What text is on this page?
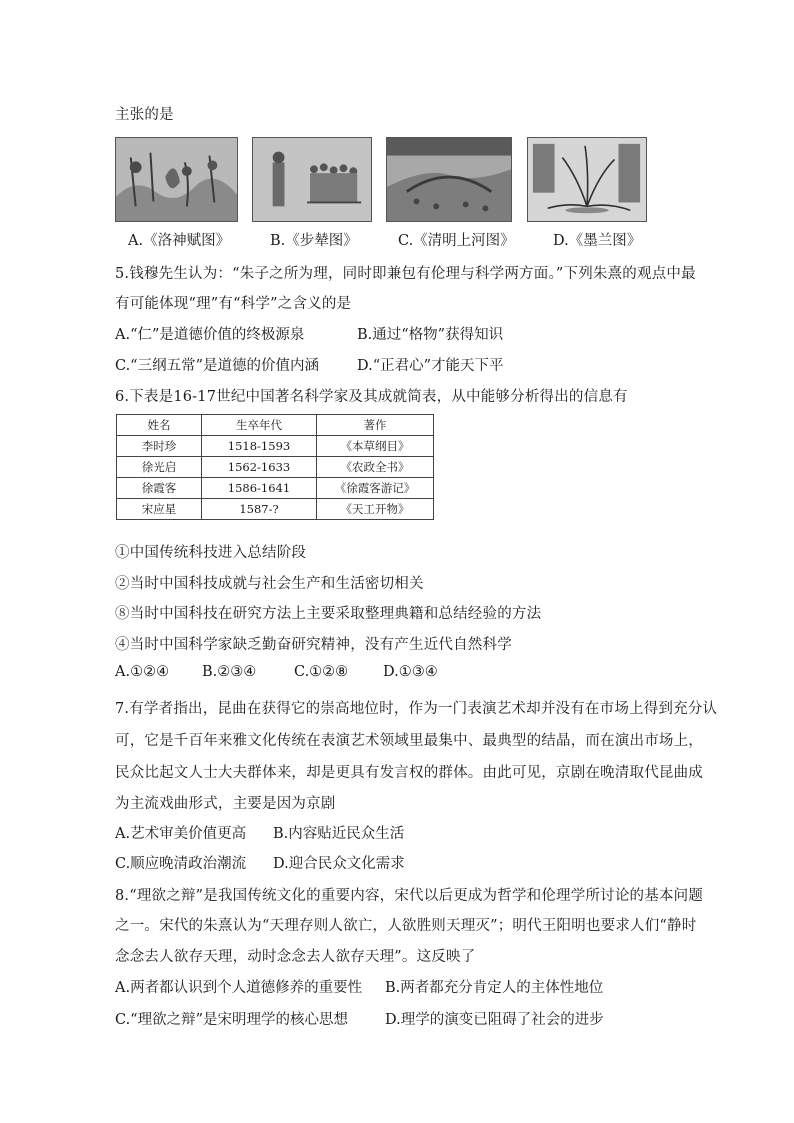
主张的是
A.《洛神赋图》	B.《步辇图》	C.《清明上河图》	D.《墨兰图》
5.钱穆先生认为：“朱子之所为理，同时即兼包有伦理与科学两方面。”下列朱熹的观点中最
有可能体现“理”有“科学”之含义的是
A.“仁”是道德价值的终极源泉	B.通过“格物”获得知识
C.“三纲五常”是道德的价值内涵	D.“正君心”才能天下平
6.下表是16-17世纪中国著名科学家及其成就简表，从中能够分析得出的信息有
姓名	生卒年代	著作
李时珍	1518-1593	《本草纲目》
徐光启	1562-1633	《农政全书》
徐霞客	1586-1641	《徐霞客游记》
宋应星	1587-?	《天工开物》
①中国传统科技进入总结阶段
②当时中国科技成就与社会生产和生活密切相关
⑧当时中国科技在研究方法上主要采取整理典籍和总结经验的方法
④当时中国科学家缺乏勤奋研究精神，没有产生近代自然科学
A.①②④ B.②③④	C.①②⑧ D.①③④
7.有学者指出，昆曲在获得它的崇高地位时，作为一门表演艺术却并没有在市场上得到充分认
可，它是千百年来雅文化传统在表演艺术领域里最集中、最典型的结晶，而在演出市场上，
民众比起文人士大夫群体来，却是更具有发言权的群体。由此可见，京剧在晚清取代昆曲成
为主流戏曲形式，主要是因为京剧
A.艺术审美价值更高 B.内容贴近民众生活
C.顺应晚清政治潮流 D.迎合民众文化需求
8.“理欲之辩”是我国传统文化的重要内容，宋代以后更成为哲学和伦理学所讨论的基本问题
之一。宋代的朱熹认为“天理存则人欲亡，人欲胜则天理灭”；明代王阳明也要求人们“静时
念念去人欲存天理，动时念念去人欲存天理”。这反映了
A.两者都认识到个人道德修养的重要性 B.两者都充分肯定人的主体性地位
C.“理欲之辩”是宋明理学的核心思想	D.理学的演变已阻碍了社会的进步
